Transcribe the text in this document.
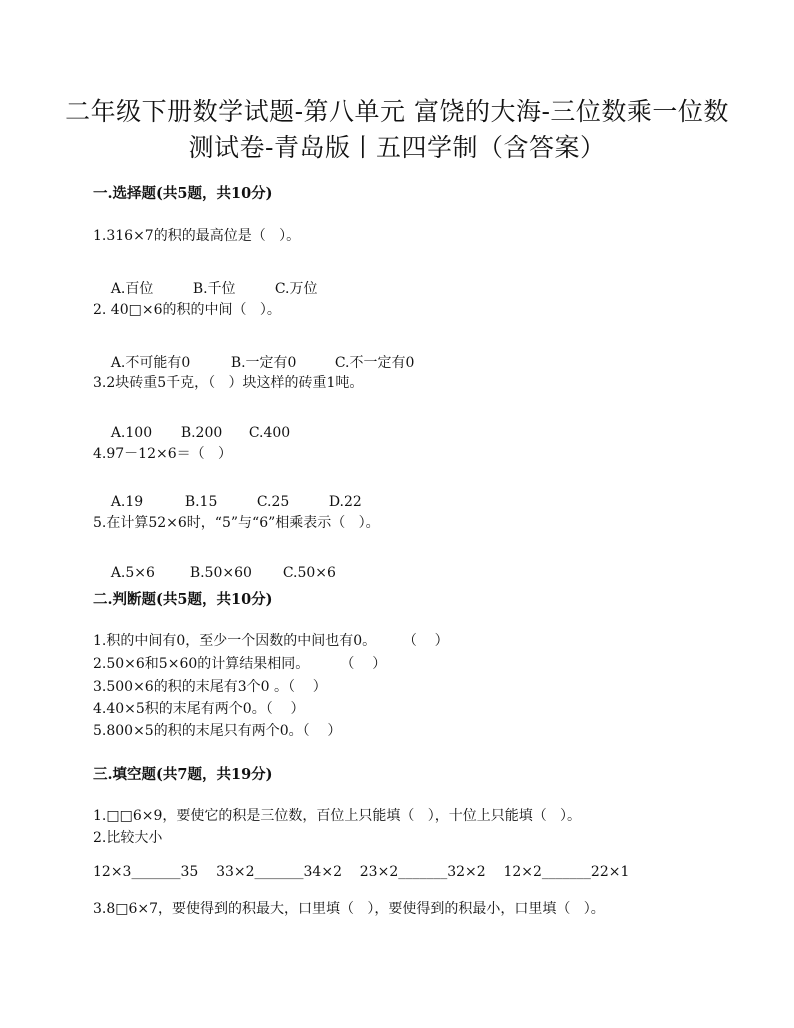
二年级下册数学试题-第八单元 富饶的大海-三位数乘一位数
测试卷-青岛版丨五四学制（含答案）
一.选择题(共5题，共10分)
1.316×7的积的最高位是（   ）。

A.百位	B.千位	C.万位

2. 40□×6的积的中间（   ）。

A.不可能有0	B.一定有0	C.不一定有0

3.2块砖重5千克，（   ）块这样的砖重1吨。

A.100 B.200 C.400

4.97－12×6＝（   ）

A.19	B.15	C.25	D.22

5.在计算52×6时，“5”与“6”相乘表示（   ）。

A.5×6 B.50×60 C.50×6

二.判断题(共5题，共10分)
1.积的中间有0，至少一个因数的中间也有0。      （    ）
2.50×6和5×60的计算结果相同。       （    ）
3.500×6的积的末尾有3个0 。（    ）
4.40×5积的末尾有两个0。（    ）
5.800×5的积的末尾只有两个0。（    ）
三.填空题(共7题，共19分)
1.□□6×9，要使它的积是三位数，百位上只能填（   ），十位上只能填（   ）。
2.比较大小
12×3_______35    33×2_______34×2    23×2_______32×2    12×2_______22×1
3.8□6×7，要使得到的积最大，口里填（   ），要使得到的积最小，口里填（   ）。
